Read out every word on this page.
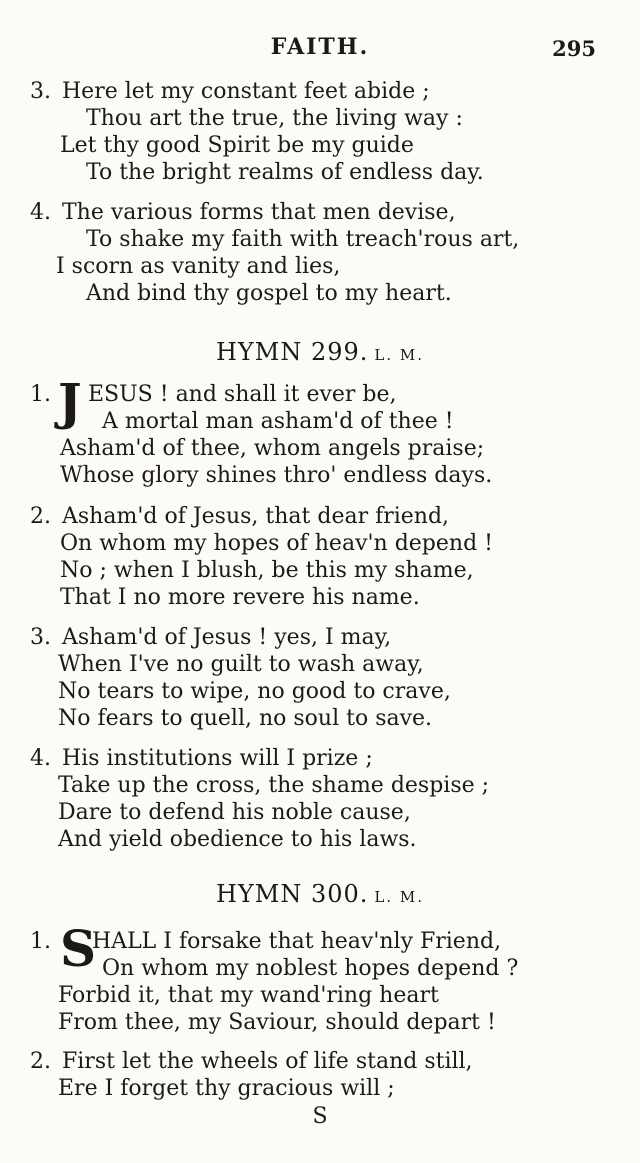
FAITH.	295
3. Here let my constant feet abide ;
Thou art the true, the living way :
Let thy good Spirit be my guide
To the bright realms of endless day.
4. The various forms that men devise,
To shake my faith with treach'rous art,
I scorn as vanity and lies,
And bind thy gospel to my heart.
HYMN 299. L. M.
1. J ESUS ! and shall it ever be,
A mortal man asham'd of thee !
Asham'd of thee, whom angels praise;
Whose glory shines thro' endless days.
2. Asham'd of Jesus, that dear friend,
On whom my hopes of heav'n depend !
No ; when I blush, be this my shame,
That I no more revere his name.
3. Asham'd of Jesus ! yes, I may,
When I've no guilt to wash away,
No tears to wipe, no good to crave,
No fears to quell, no soul to save.
4. His institutions will I prize ;
Take up the cross, the shame despise ;
Dare to defend his noble cause,
And yield obedience to his laws.
HYMN 300. L. M.
1. S
HALL I forsake that heav'nly Friend,
On whom my noblest hopes depend ?
Forbid it, that my wand'ring heart
From thee, my Saviour, should depart !
2. First let the wheels of life stand still,
Ere I forget thy gracious will ;
S
